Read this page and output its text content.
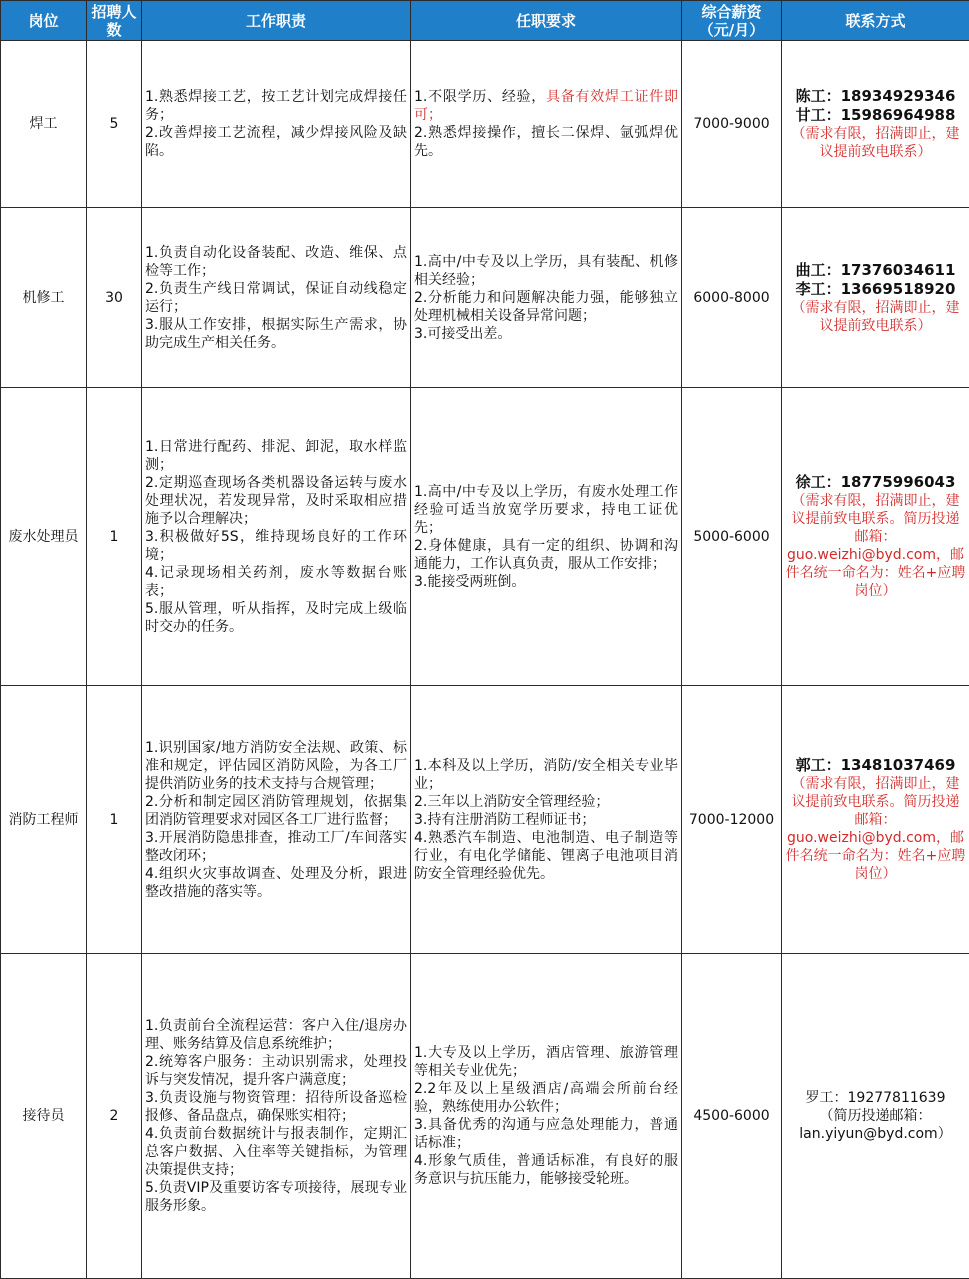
岗位	招聘人数	工作职责	任职要求	综合薪资（元/月）	联系方式
焊工	5	1.熟悉焊接工艺，按工艺计划完成焊接任务；
2.改善焊接工艺流程，减少焊接风险及缺陷。	1.不限学历、经验，具备有效焊工证件即可；
2.熟悉焊接操作，擅长二保焊、氩弧焊优先。	7000-9000	陈工：18934929346
甘工：15986964988
（需求有限，招满即止，建议提前致电联系）

机修工	30	1.负责自动化设备装配、改造、维保、点检等工作；
2.负责生产线日常调试，保证自动线稳定运行；
3.服从工作安排，根据实际生产需求，协助完成生产相关任务。	1.高中/中专及以上学历，具有装配、机修相关经验；
2.分析能力和问题解决能力强，能够独立处理机械相关设备异常问题；
3.可接受出差。	6000-8000	曲工：17376034611
李工：13669518920
（需求有限，招满即止，建议提前致电联系）

废水处理员	1	1.日常进行配药、排泥、卸泥，取水样监测；
2.定期巡查现场各类机器设备运转与废水处理状况，若发现异常，及时采取相应措施予以合理解决；
3.积极做好5S，维持现场良好的工作环境；
4.记录现场相关药剂，废水等数据台账表；
5.服从管理，听从指挥，及时完成上级临时交办的任务。	1.高中/中专及以上学历，有废水处理工作经验可适当放宽学历要求，持电工证优先；
2.身体健康，具有一定的组织、协调和沟通能力，工作认真负责，服从工作安排；
3.能接受两班倒。	5000-6000	徐工：18775996043
（需求有限，招满即止，建议提前致电联系。简历投递邮箱：guo.weizhi@byd.com，邮件名统一命名为：姓名+应聘岗位）

消防工程师	1	1.识别国家/地方消防安全法规、政策、标准和规定，评估园区消防风险，为各工厂提供消防业务的技术支持与合规管理；
2.分析和制定园区消防管理规划，依据集团消防管理要求对园区各工厂进行监督；
3.开展消防隐患排查，推动工厂/车间落实整改闭环；
4.组织火灾事故调查、处理及分析，跟进整改措施的落实等。	1.本科及以上学历，消防/安全相关专业毕业；
2.三年以上消防安全管理经验；
3.持有注册消防工程师证书；
4.熟悉汽车制造、电池制造、电子制造等行业，有电化学储能、锂离子电池项目消防安全管理经验优先。	7000-12000	郭工：13481037469
（需求有限，招满即止，建议提前致电联系。简历投递邮箱：guo.weizhi@byd.com，邮件名统一命名为：姓名+应聘岗位）

接待员	2	1.负责前台全流程运营：客户入住/退房办理、账务结算及信息系统维护；
2.统筹客户服务：主动识别需求，处理投诉与突发情况，提升客户满意度；
3.负责设施与物资管理：招待所设备巡检报修、备品盘点，确保账实相符；
4.负责前台数据统计与报表制作，定期汇总客户数据、入住率等关键指标，为管理决策提供支持；
5.负责VIP及重要访客专项接待，展现专业服务形象。	1.大专及以上学历，酒店管理、旅游管理等相关专业优先；
2.2年及以上星级酒店/高端会所前台经验，熟练使用办公软件；
3.具备优秀的沟通与应急处理能力，普通话标准；
4.形象气质佳，普通话标准，有良好的服务意识与抗压能力，能够接受轮班。	4500-6000	罗工：19277811639
（简历投递邮箱：lan.yiyun@byd.com）
